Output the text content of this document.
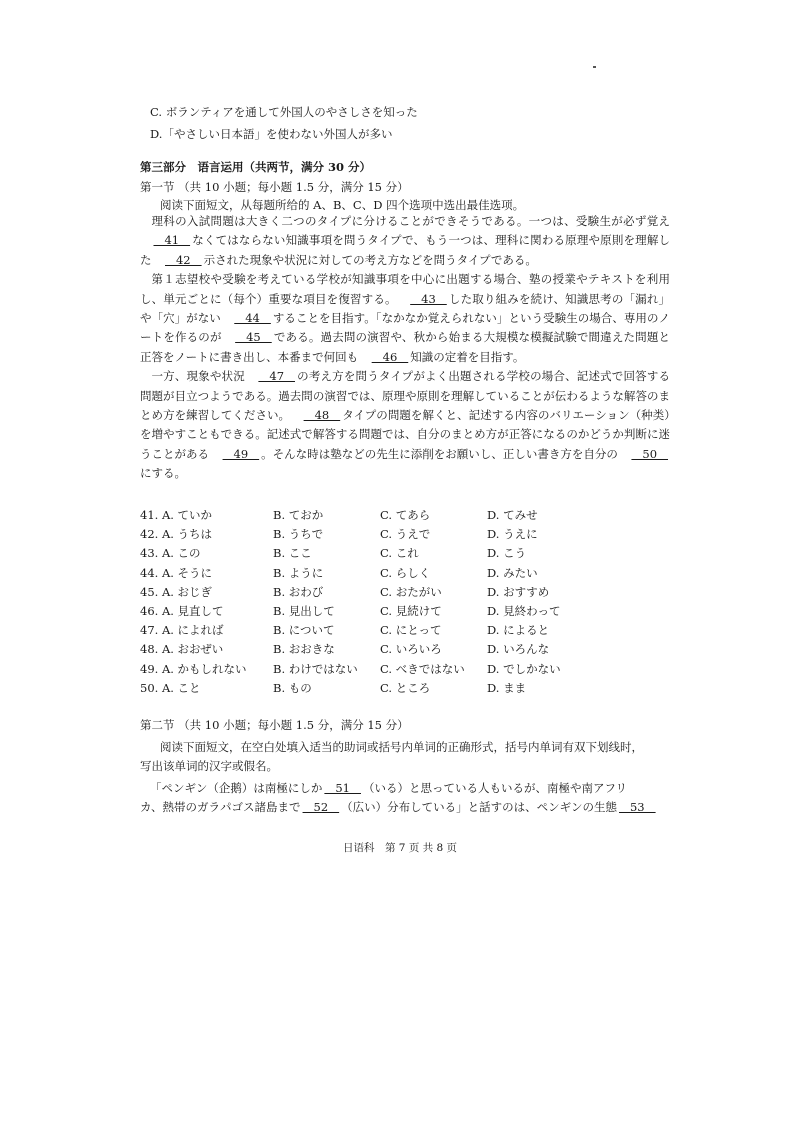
C. ボランティアを通して外国人のやさしさを知った
D.「やさしい日本語」を使わない外国人が多い
第三部分　语言运用（共两节，满分 30 分）
第一节 （共 10 小题；每小题 1.5 分，满分 15 分）
阅读下面短文，从每题所给的 A、B、C、D 四个选项中选出最佳选项。

理科の入試問題は大きく二つのタイプに分けることができそうである。一つは、受験生が必ず覚え   41   なくてはならない知識事項を問うタイプで、もう一つは、理科に関わる原理や原則を理解した   42   示された現象や状況に対しての考え方などを問うタイプである。

第１志望校や受験を考えている学校が知識事項を中心に出題する場合、塾の授業やテキストを利用し、単元ごとに（每个）重要な項目を復習する。   43   した取り組みを続け、知識思考の「漏れ」や「穴」がない   44   することを目指す。「なかなか覚えられない」という受験生の場合、専用のノートを作るのが   45   である。過去問の演習や、秋から始まる大規模な模擬試験で間違えた問題と正答をノートに書き出し、本番まで何回も   46   知識の定着を目指す。

一方、現象や状況   47   の考え方を問うタイプがよく出題される学校の場合、記述式で回答する問題が目立つようである。過去問の演習では、原理や原則を理解していることが伝わるような解答のまとめ方を練習してください。   48   タイプの問題を解くと、記述する内容のバリエーション（种类）を増やすこともできる。記述式で解答する問題では、自分のまとめ方が正答になるのかどうか判断に迷うことがある   49   。そんな時は塾などの先生に添削をお願いし、正しい書き方を自分の   50   にする。

41. A. ていか	B. ておか	C. てあら	D. てみせ
42. A. うちは	B. うちで	C. うえで	D. うえに
43. A. この	B. ここ	C. これ	D. こう
44. A. そうに	B. ように	C. らしく	D. みたい
45. A. おじぎ	B. おわび	C. おたがい	D. おすすめ
46. A. 見直して	B. 見出して	C. 見続けて	D. 見終わって
47. A. によれば	B. について	C. にとって	D. によると
48. A. おおぜい	B. おおきな	C. いろいろ	D. いろんな
49. A. かもしれない B. わけではない C. べきではない D. でしかない
50. A. こと	B. もの	C. ところ	D. まま
第二节 （共 10 小题；每小题 1.5 分，满分 15 分）
阅读下面短文，在空白处填入适当的助词或括号内单词的正确形式，括号内单词有双下划线时，
写出该单词的汉字或假名。
「ペンギン（企鹅）は南極にしか   51   （いる）と思っている人もいるが、南極や南アフリ
カ、熱帯のガラパゴス諸島まで   52   （広い）分布している」と話すのは、ペンギンの生態   53
日语科　第 7 页 共 8 页
